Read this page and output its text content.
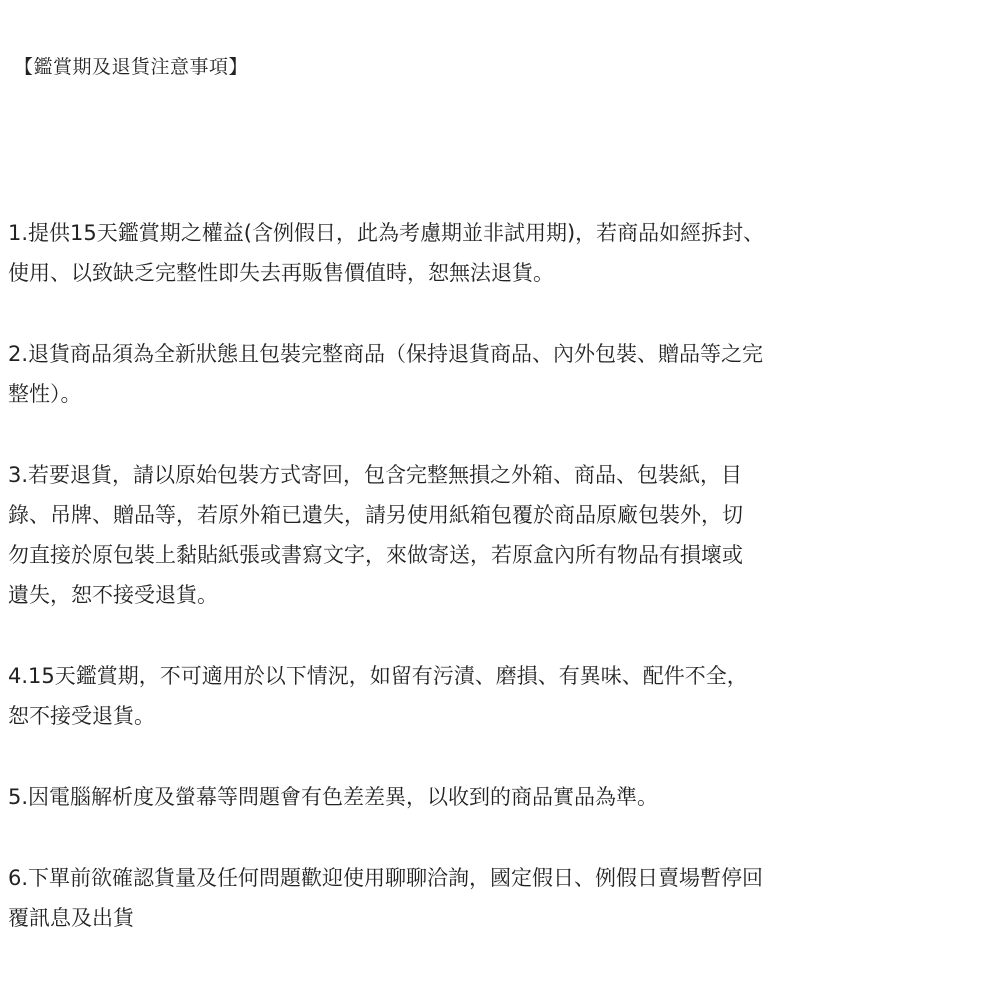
【鑑賞期及退貨注意事項】
1.提供15天鑑賞期之權益(含例假日，此為考慮期並非試用期)，若商品如經拆封、
使用、以致缺乏完整性即失去再販售價值時，恕無法退貨。
2.退貨商品須為全新狀態且包裝完整商品（保持退貨商品、內外包裝、贈品等之完
整性）。
3.若要退貨，請以原始包裝方式寄回，包含完整無損之外箱、商品、包裝紙，目
錄、吊牌、贈品等，若原外箱已遺失，請另使用紙箱包覆於商品原廠包裝外，切
勿直接於原包裝上黏貼紙張或書寫文字，來做寄送，若原盒內所有物品有損壞或
遺失，恕不接受退貨。
4.15天鑑賞期，不可適用於以下情況，如留有污漬、磨損、有異味、配件不全，
恕不接受退貨。
5.因電腦解析度及螢幕等問題會有色差差異，以收到的商品實品為準。
6.下單前欲確認貨量及任何問題歡迎使用聊聊洽詢，國定假日、例假日賣場暫停回
覆訊息及出貨
